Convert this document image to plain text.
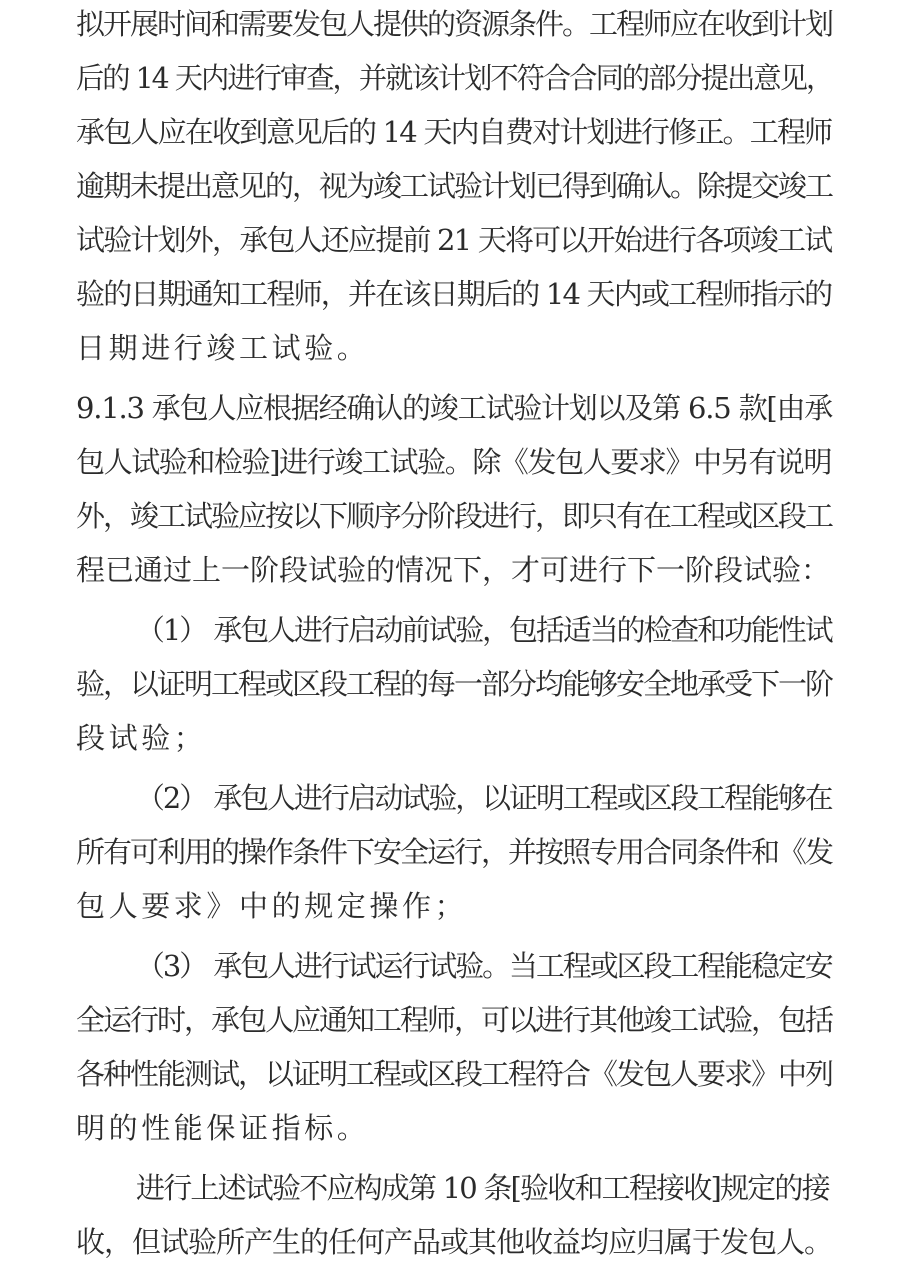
拟开展时间和需要发包人提供的资源条件。工程师应在收到计划
后的 14 天内进行审查，并就该计划不符合合同的部分提出意见，
承包人应在收到意见后的 14 天内自费对计划进行修正。工程师
逾期未提出意见的，视为竣工试验计划已得到确认。除提交竣工
试验计划外，承包人还应提前 21 天将可以开始进行各项竣工试
验的日期通知工程师，并在该日期后的 14 天内或工程师指示的
日期进行竣工试验。
9.1.3 承包人应根据经确认的竣工试验计划以及第 6.5 款[由承
包人试验和检验]进行竣工试验。除《发包人要求》中另有说明
外，竣工试验应按以下顺序分阶段进行，即只有在工程或区段工
程已通过上一阶段试验的情况下，才可进行下一阶段试验：
（1） 承包人进行启动前试验，包括适当的检查和功能性试
验，以证明工程或区段工程的每一部分均能够安全地承受下一阶
段试验；
（2） 承包人进行启动试验，以证明工程或区段工程能够在
所有可利用的操作条件下安全运行，并按照专用合同条件和《发
包人要求》中的规定操作；
（3） 承包人进行试运行试验。当工程或区段工程能稳定安
全运行时，承包人应通知工程师，可以进行其他竣工试验，包括
各种性能测试，以证明工程或区段工程符合《发包人要求》中列
明的性能保证指标。
进行上述试验不应构成第 10 条[验收和工程接收]规定的接
收，但试验所产生的任何产品或其他收益均应归属于发包人。
